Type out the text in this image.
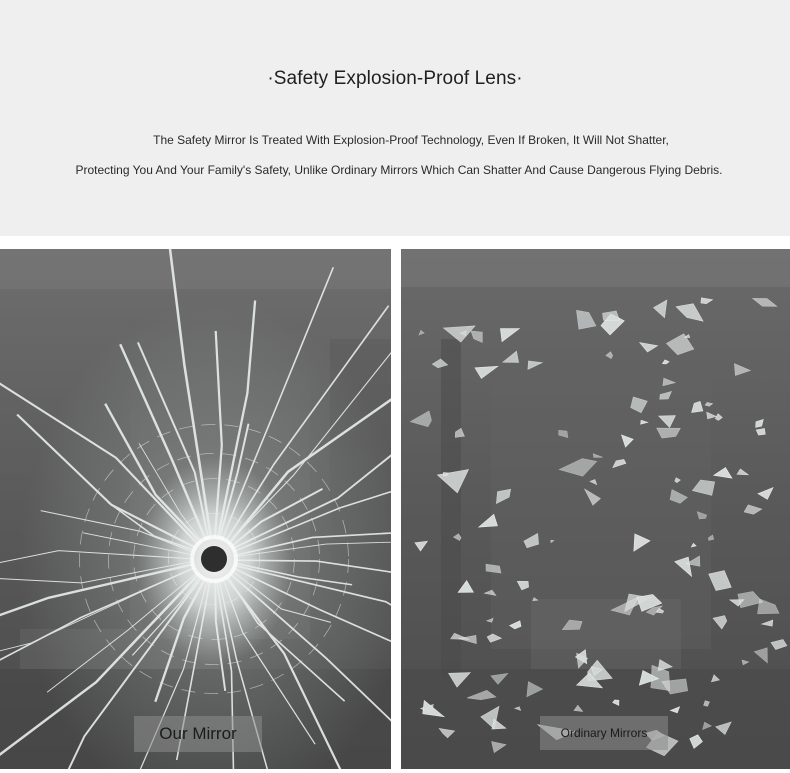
·Safety Explosion-Proof Lens·
The Safety Mirror Is Treated With Explosion-Proof Technology, Even If Broken, It Will Not Shatter,
Protecting You And Your Family's Safety, Unlike Ordinary Mirrors Which Can Shatter And Cause Dangerous Flying Debris.
Our Mirror	Ordinary Mirrors
